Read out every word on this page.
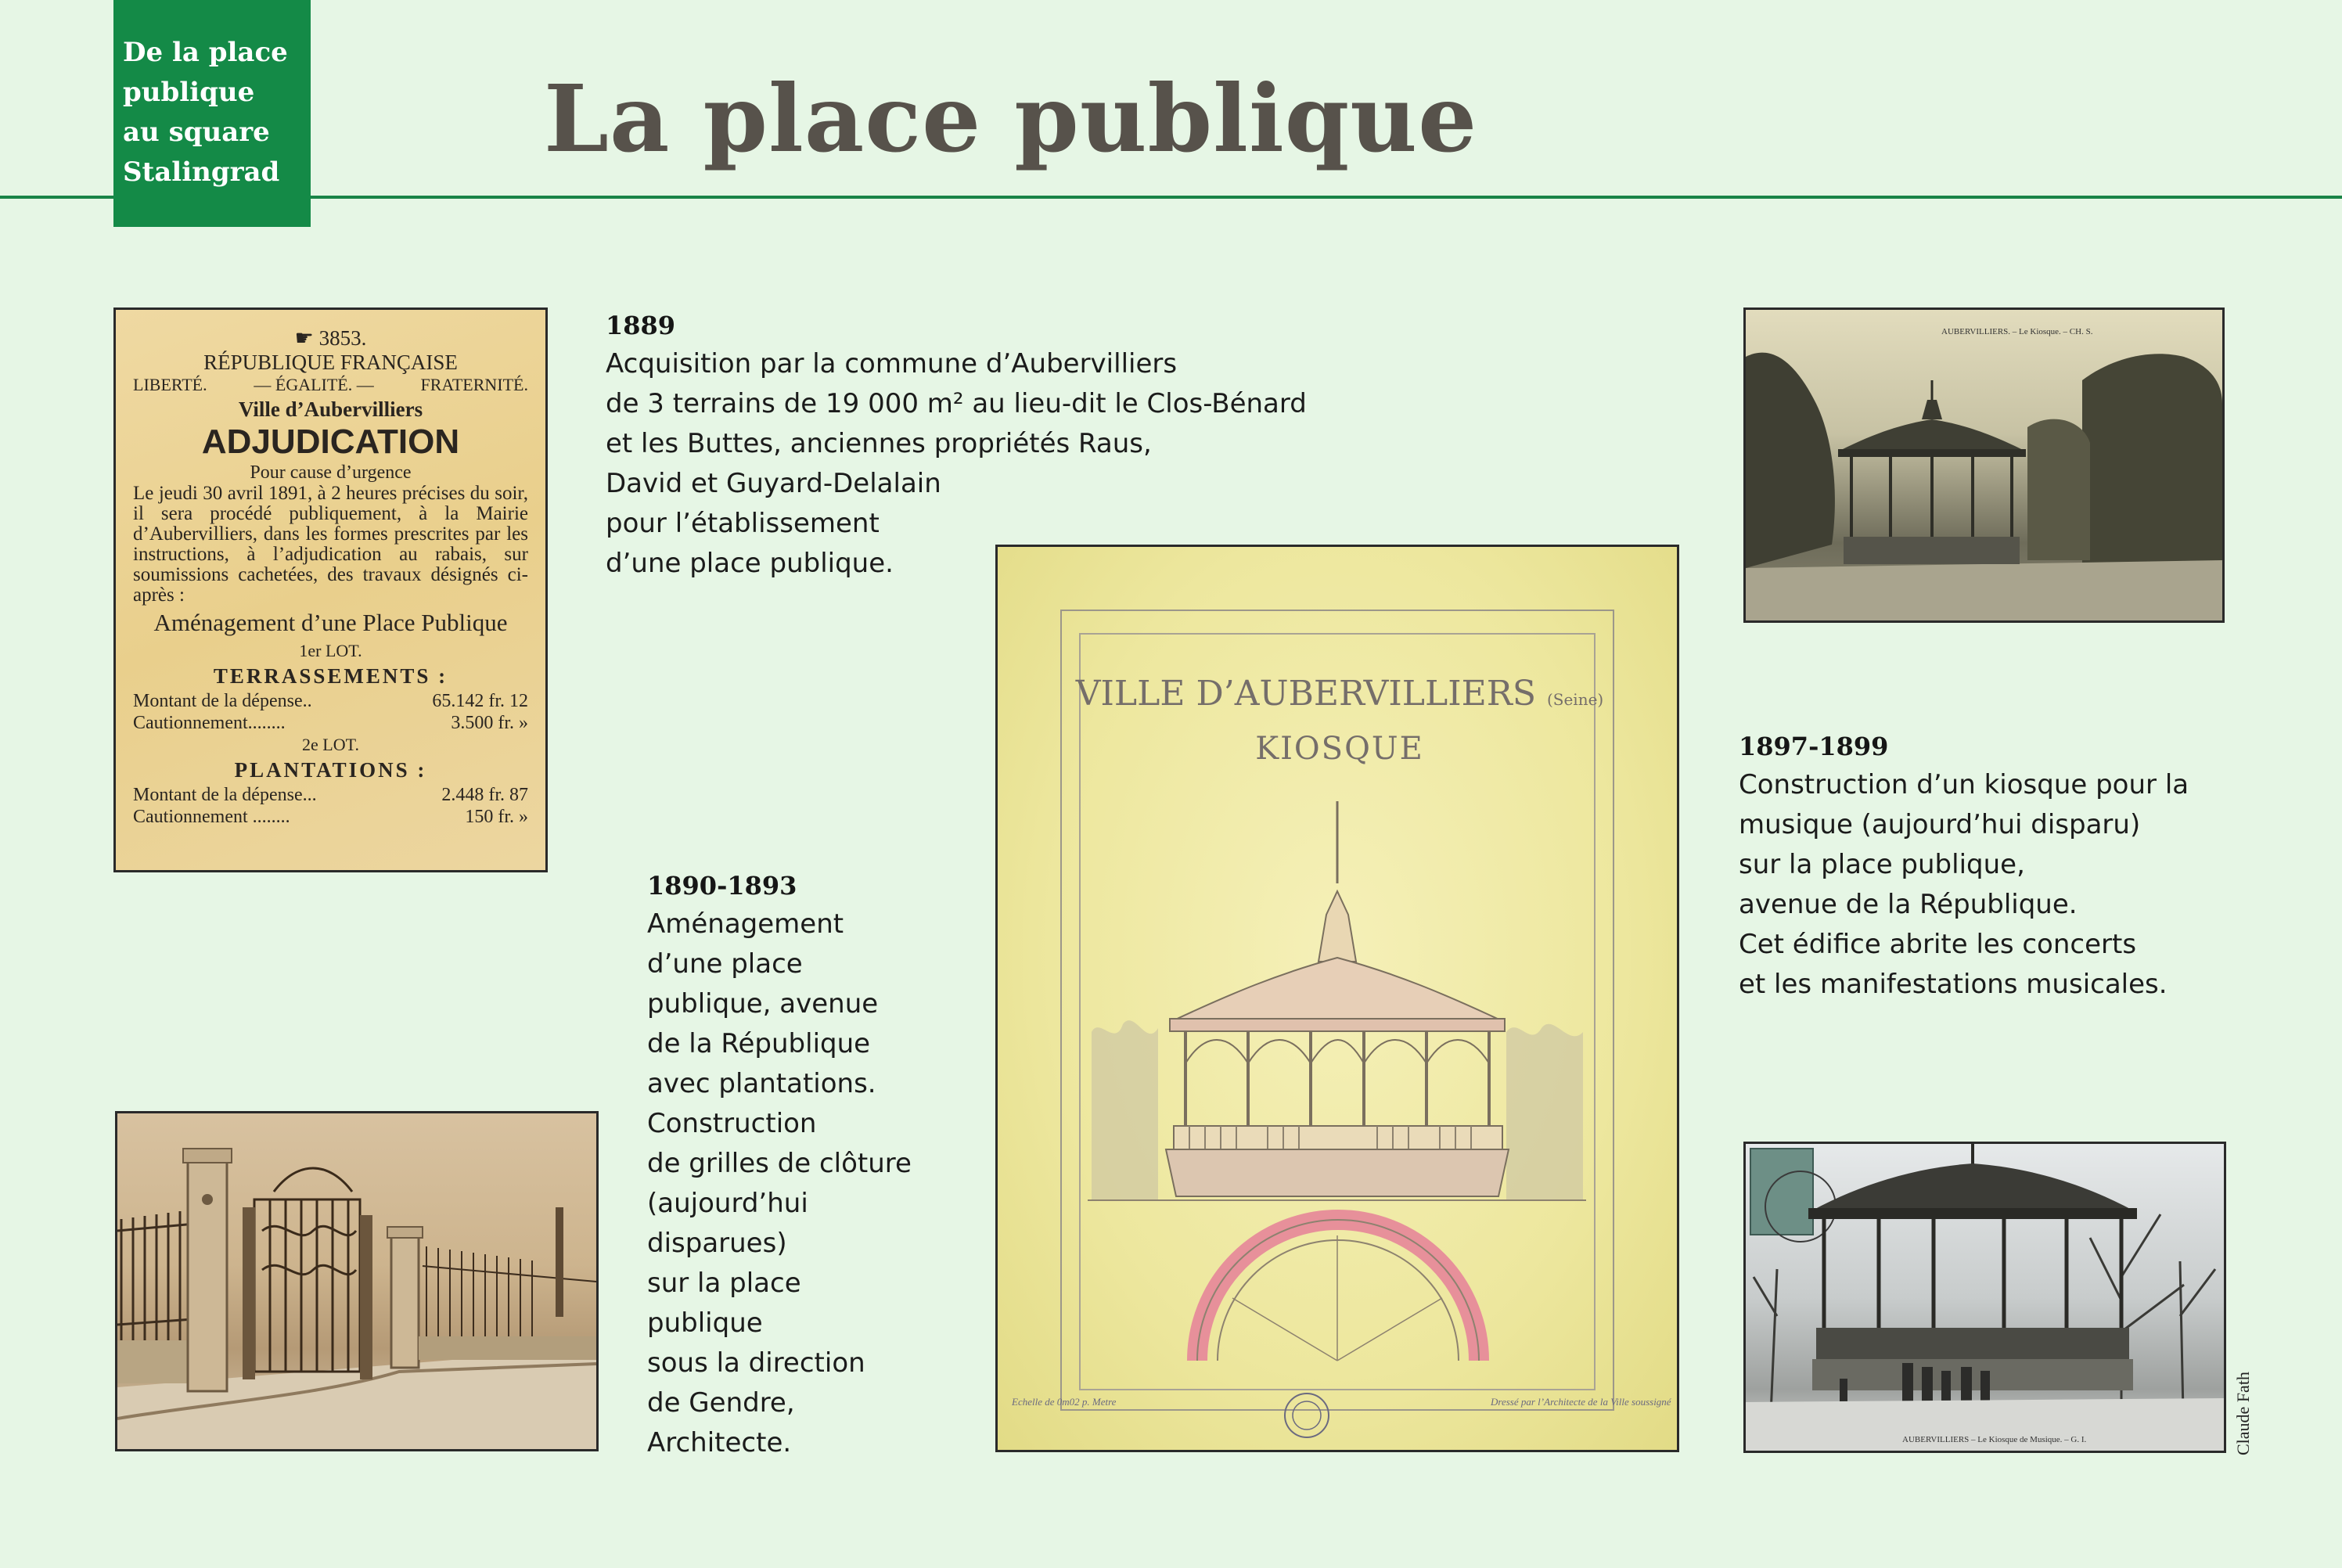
De la place
publique
au square
Stalingrad	La place publique
☛ 3853.
RÉPUBLIQUE FRANÇAISE
LIBERTÉ.	— ÉGALITÉ. —	FRATERNITÉ.
Ville d’Aubervilliers
ADJUDICATION
Pour cause d’urgence
Le jeudi 30 avril 1891, à 2 heures précises du soir, il sera procédé publiquement, à la Mairie d’Aubervilliers, dans les formes prescrites par les instructions, à l’adjudication au rabais, sur soumissions cachetées, des travaux désignés ci-après :
Aménagement d’une Place Publique
1er LOT.
TERRASSEMENTS :
Montant de la dépense..	65.142 fr. 12
Cautionnement........	3.500 fr. »
2e LOT.
PLANTATIONS :
Montant de la dépense...	2.448 fr. 87
Cautionnement ........	150 fr. »
1889
Acquisition par la commune d’Aubervilliers
de 3 terrains de 19 000 m² au lieu-dit le Clos-Bénard
et les Buttes, anciennes propriétés Raus,
David et Guyard-Delalain
pour l’établissement
d’une place publique.
1890-1893
Aménagement
d’une place
publique, avenue
de la République
avec plantations.
Construction
de grilles de clôture
(aujourd’hui
disparues)
sur la place
publique
sous la direction
de Gendre,
Architecte.
1897-1899
Construction d’un kiosque pour la
musique (aujourd’hui disparu)
sur la place publique,
avenue de la République.
Cet édifice abrite les concerts
et les manifestations musicales.
VILLE D’AUBERVILLIERS (Seine)
KIOSQUE
Echelle de 0m02 p. Metre	Dressé par l’Architecte de la Ville soussigné
AUBERVILLIERS. – Le Kiosque. – CH. S.
AUBERVILLIERS – Le Kiosque de Musique. – G. I.	Claude Fath
